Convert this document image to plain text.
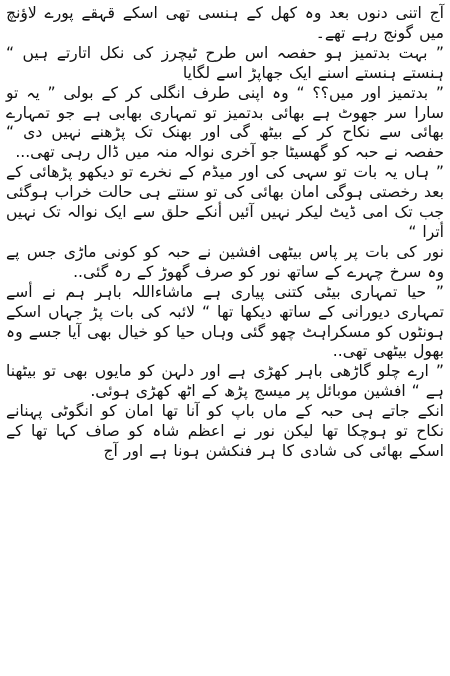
آج اتنی دنوں بعد وہ کھل کے ہنسی تھی اسکے قہقے پورے لاؤنچ میں گونج رہے تھے۔

” بہت بدتمیز ہو حفصہ اس طرح ٹیچرز کی نکل اتارتے ہیں “ ہنستے ہنستے اسنے ایک جھاپڑ اسے لگایا

” بدتمیز اور میں؟؟ “ وہ اپنی طرف انگلی کر کے بولی ” یہ تو سارا سر جھوٹ ہے بھائی بدتمیز تو تمہاری بھابی ہے جو تمہارے بھائی سے نکاح کر کے بیٹھ گی اور بھنک تک پڑھنے نہیں دی “ حفصہ نے حبہ کو گھسیٹا جو آخری نوالہ منہ میں ڈال رہی تھی...

” ہاں یہ بات تو سہی کی اور میڈم کے نخرے تو دیکھو پڑھائی کے بعد رخصتی ہوگی امان بھائی کی تو سنتے ہی حالت خراب ہوگئی جب تک امی ڈیٹ لیکر نہیں آئیں أنکے حلق سے ایک نوالہ تک نہیں أترا “

نور کی بات پر پاس بیٹھی افشین نے حبہ کو کونی ماڑی جس پے وہ سرخ چہرے کے ساتھ نور کو صرف گھوڑ کے رہ گئی..

” حیا تمہاری بیٹی کتنی پیاری ہے ماشاءاللہ باہر ہم نے أسے تمہاری دیورانی کے ساتھ دیکھا تھا “ لائبہ کی بات پڑ جہاں اسکے ہونٹوں کو مسکراہٹ چھو گئی وہاں حیا کو خیال بھی آیا جسے وہ بھول بیٹھی تھی..

” ارے چلو گاڑھی باہر کھڑی ہے اور دلہن کو مایوں بھی تو بیٹھنا ہے “ افشین موبائل پر میسج پڑھ کے اٹھ کھڑی ہوئی.

انکے جاتے ہی حبہ کے ماں باپ کو آنا تھا امان کو انگوٹی پہنانے نکاح تو ہوچکا تھا لیکن نور نے اعظم شاہ کو صاف کہا تھا کے اسکے بھائی کی شادی کا ہر فنکشن ہونا ہے اور آج
